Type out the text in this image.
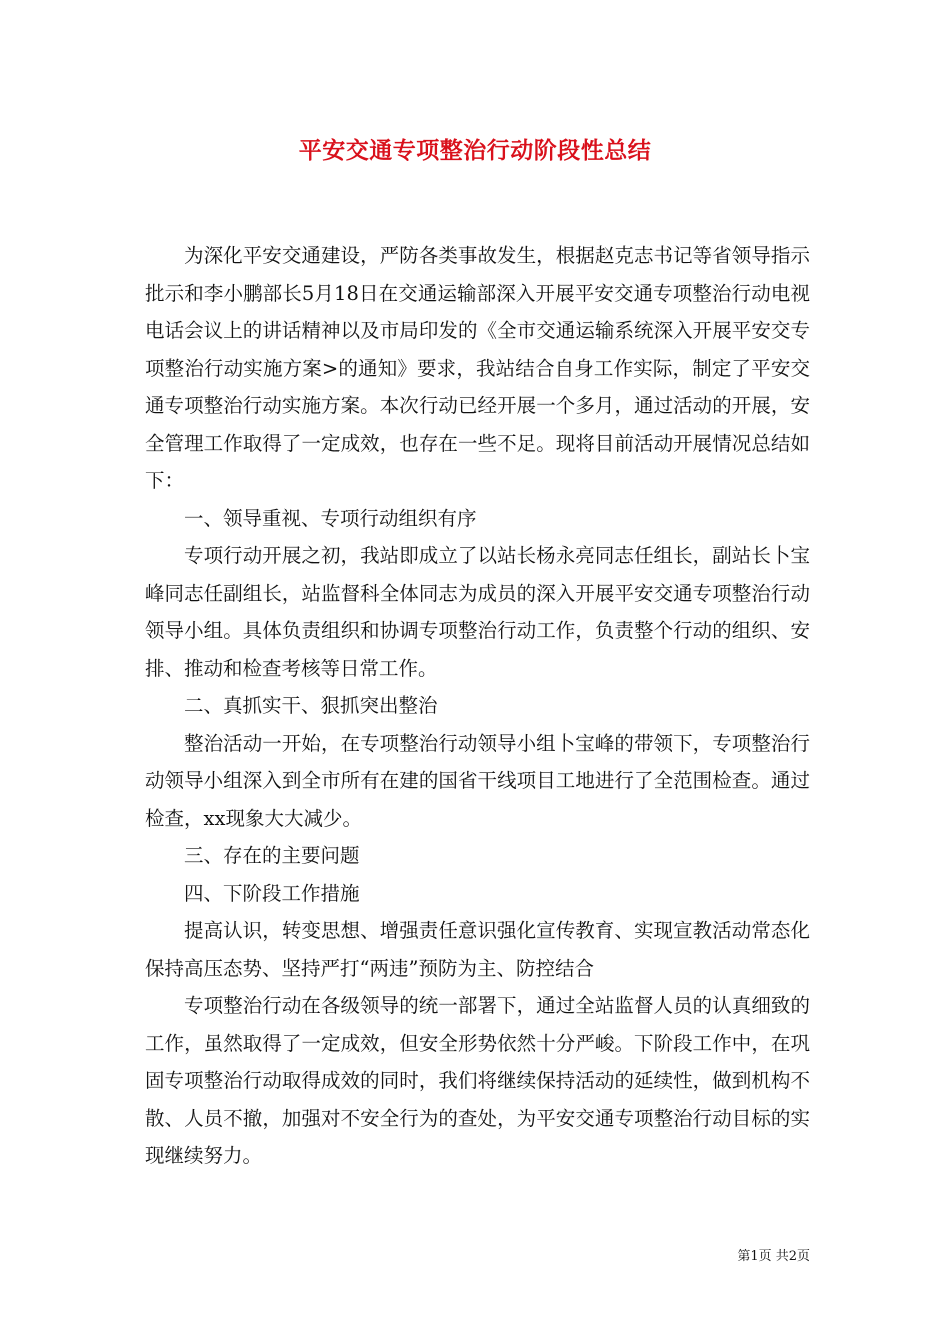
平安交通专项整治行动阶段性总结

为深化平安交通建设，严防各类事故发生，根据赵克志书记等省领导指示批示和李小鹏部长5月18日在交通运输部深入开展平安交通专项整治行动电视电话会议上的讲话精神以及市局印发的《全市交通运输系统深入开展平安交专项整治行动实施方案>的通知》要求，我站结合自身工作实际，制定了平安交通专项整治行动实施方案。本次行动已经开展一个多月，通过活动的开展，安全管理工作取得了一定成效，也存在一些不足。现将目前活动开展情况总结如下：

一、领导重视、专项行动组织有序

专项行动开展之初，我站即成立了以站长杨永亮同志任组长，副站长卜宝峰同志任副组长，站监督科全体同志为成员的深入开展平安交通专项整治行动领导小组。具体负责组织和协调专项整治行动工作，负责整个行动的组织、安排、推动和检查考核等日常工作。

二、真抓实干、狠抓突出整治

整治活动一开始，在专项整治行动领导小组卜宝峰的带领下，专项整治行动领导小组深入到全市所有在建的国省干线项目工地进行了全范围检查。通过检查，xx现象大大减少。

三、存在的主要问题

四、下阶段工作措施

提高认识，转变思想、增强责任意识强化宣传教育、实现宣教活动常态化保持高压态势、坚持严打“两违”预防为主、防控结合

专项整治行动在各级领导的统一部署下，通过全站监督人员的认真细致的工作，虽然取得了一定成效，但安全形势依然十分严峻。下阶段工作中，在巩固专项整治行动取得成效的同时，我们将继续保持活动的延续性，做到机构不散、人员不撤，加强对不安全行为的查处，为平安交通专项整治行动目标的实现继续努力。

第1页 共2页
